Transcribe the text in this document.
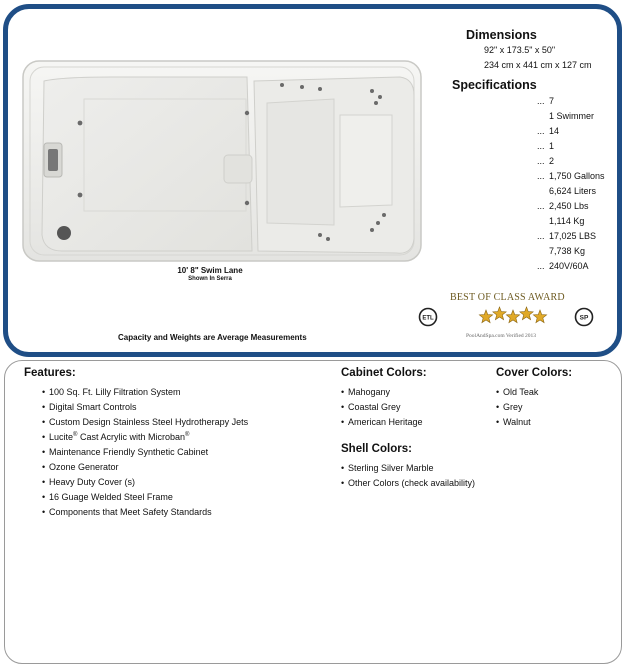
10' 8" Swim Lane
Shown In Serra
Capacity and Weights are Average Measurements
Dimensions
92" x 173.5" x 50"
234 cm x 441 cm x 127 cm
Specifications
... 7
1 Swimmer
... 14
... 1
... 2
... 1,750 Gallons
6,624 Liters
... 2,450 Lbs
1,114 Kg
... 17,025 LBS
7,738 Kg
... 240V/60A
ETL
BEST OF CLASS AWARD
PoolAndSpa.com Verified 2013
SP
Features:
• 100 Sq. Ft. Lilly Filtration System
• Digital Smart Controls
• Custom Design Stainless Steel Hydrotherapy Jets
• Lucite® Cast Acrylic with Microban®
• Maintenance Friendly Synthetic Cabinet
• Ozone Generator
• Heavy Duty Cover (s)
• 16 Guage Welded Steel Frame
• Components that Meet Safety Standards
Cabinet Colors:
• Mahogany
• Coastal Grey
• American Heritage
Cover Colors:
• Old Teak
• Grey
• Walnut
Shell Colors:
• Sterling Silver Marble
• Other Colors (check availability)
